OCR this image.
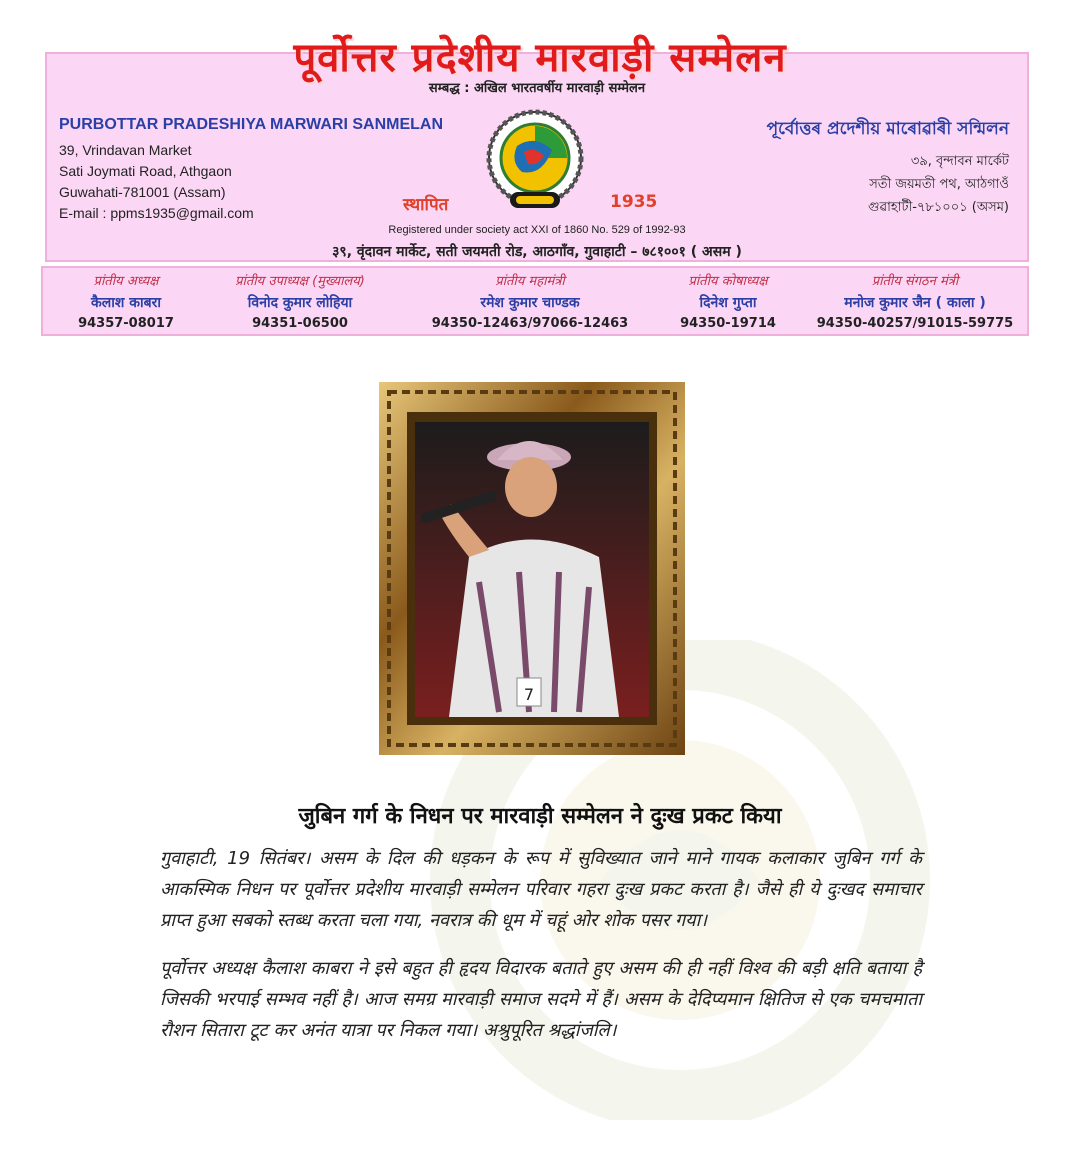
पूर्वोत्तर प्रदेशीय मारवाड़ी सम्मेलन
सम्बद्ध : अखिल भारतवर्षीय मारवाड़ी सम्मेलन
PURBOTTAR PRADESHIYA MARWARI SANMELAN
39, Vrindavan Market
Sati Joymati Road, Athgaon
Guwahati-781001 (Assam)
E-mail : ppms1935@gmail.com	स्थापित	1935
পূৰ্বোত্তৰ প্ৰদেশীয় মাৰোৱাৰী সন্মিলন
৩৯, বৃন্দাবন মাৰ্কেট
সতী জয়মতী পথ, আঠগাওঁ
গুৱাহাটী-৭৮১০০১ (অসম)
Registered under society act XXI of 1860 No. 529 of 1992-93
३९, वृंदावन मार्केट, सती जयमती रोड, आठगाँव, गुवाहाटी – ७८१००१ ( असम )
प्रांतीय अध्यक्ष
कैलाश काबरा
94357-08017
प्रांतीय उपाध्यक्ष (मुख्यालय)
विनोद कुमार लोहिया
94351-06500
प्रांतीय महामंत्री
रमेश कुमार चाण्डक
94350-12463/97066-12463
प्रांतीय कोषाध्यक्ष
दिनेश गुप्ता
94350-19714
प्रांतीय संगठन मंत्री
मनोज कुमार जैन ( काला )
94350-40257/91015-59775
7
जुबिन गर्ग के निधन पर मारवाड़ी सम्मेलन ने दुःख प्रकट किया

गुवाहाटी, 19 सितंबर। असम के दिल की धड़कन के रूप में सुविख्यात जाने माने गायक कलाकार जुबिन गर्ग के आकस्मिक निधन पर पूर्वोत्तर प्रदेशीय मारवाड़ी सम्मेलन परिवार गहरा दुःख प्रकट करता है। जैसे ही ये दुःखद समाचार प्राप्त हुआ सबको स्तब्ध करता चला गया, नवरात्र की धूम में चहूं ओर शोक पसर गया।

पूर्वोत्तर अध्यक्ष कैलाश काबरा ने इसे बहुत ही हृदय विदारक बताते हुए असम की ही नहीं विश्व की बड़ी क्षति बताया है जिसकी भरपाई सम्भव नहीं है। आज समग्र मारवाड़ी समाज सदमे में हैं। असम के देदिप्यमान क्षितिज से एक चमचमाता रौशन सितारा टूट कर अनंत यात्रा पर निकल गया। अश्रुपूरित श्रद्धांजलि।
